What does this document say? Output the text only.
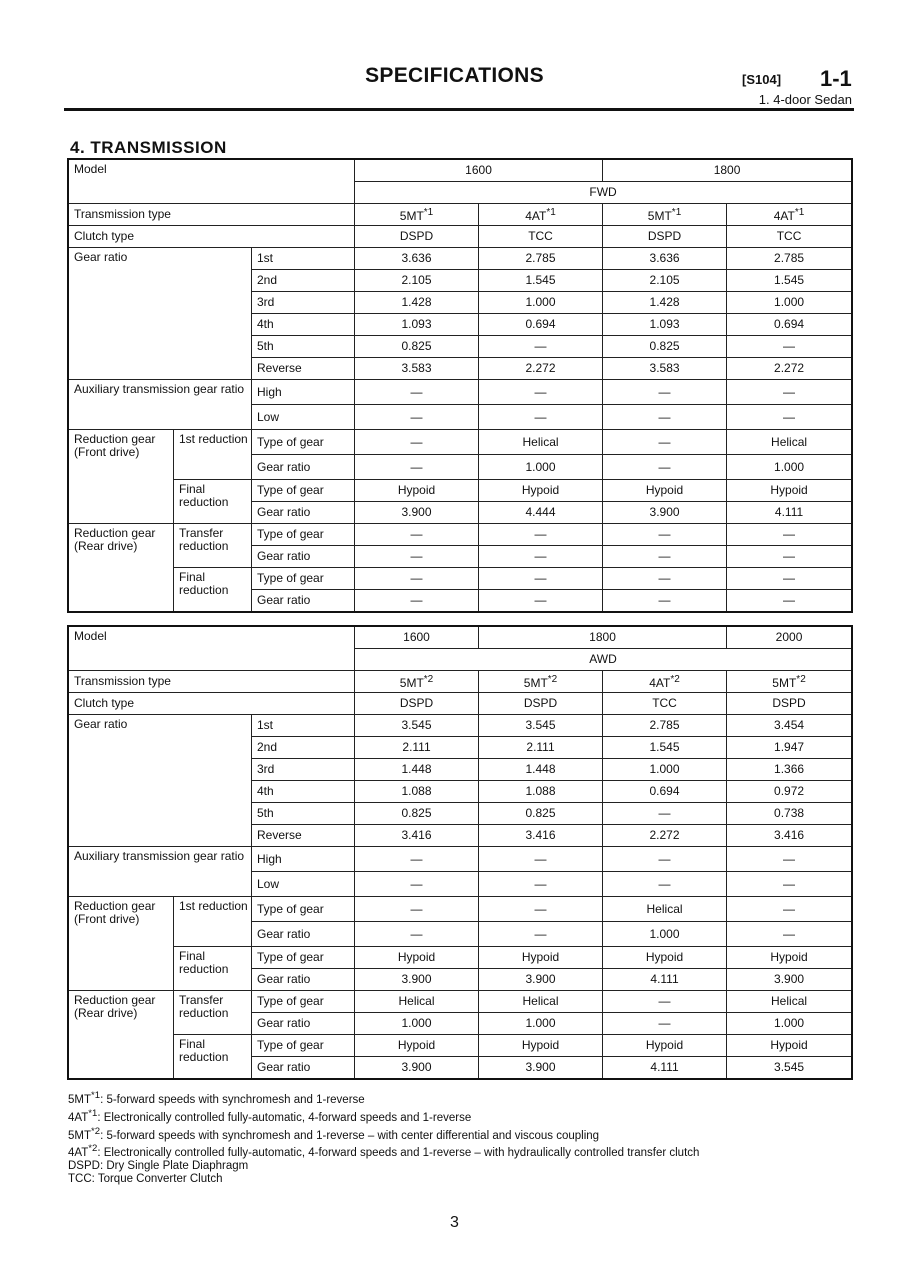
SPECIFICATIONS	[S104] 1-1
1. 4-door Sedan
4. TRANSMISSION
Model			1600		1800	
			FWD			
Transmission type			5MT$^{*1}$	4AT$^{*1}$	5MT$^{*1}$	4AT$^{*1}$
Clutch type			DSPD	TCC	DSPD	TCC
Gear ratio		1st	3.636	2.785	3.636	2.785
		2nd	2.105	1.545	2.105	1.545
		3rd	1.428	1.000	1.428	1.000
		4th	1.093	0.694	1.093	0.694
		5th	0.825	—	0.825	—
		Reverse	3.583	2.272	3.583	2.272
Auxiliary transmission gear ratio		High	—	—	—	—
		Low	—	—	—	—
Reduction gear (Front drive)	1st reduction	Type of gear	—	Helical	—	Helical
		Gear ratio	—	1.000	—	1.000
	Final reduction	Type of gear	Hypoid	Hypoid	Hypoid	Hypoid
		Gear ratio	3.900	4.444	3.900	4.111
Reduction gear (Rear drive)	Transfer reduction	Type of gear	—	—	—	—
		Gear ratio	—	—	—	—
	Final reduction	Type of gear	—	—	—	—
		Gear ratio	—	—	—	—
Model			1600	1800		2000
			AWD			
Transmission type			5MT$^{*2}$	5MT$^{*2}$	4AT$^{*2}$	5MT$^{*2}$
Clutch type			DSPD	DSPD	TCC	DSPD
Gear ratio		1st	3.545	3.545	2.785	3.454
		2nd	2.111	2.111	1.545	1.947
		3rd	1.448	1.448	1.000	1.366
		4th	1.088	1.088	0.694	0.972
		5th	0.825	0.825	—	0.738
		Reverse	3.416	3.416	2.272	3.416
Auxiliary transmission gear ratio		High	—	—	—	—
		Low	—	—	—	—
Reduction gear (Front drive)	1st reduction	Type of gear	—	—	Helical	—
		Gear ratio	—	—	1.000	—
	Final reduction	Type of gear	Hypoid	Hypoid	Hypoid	Hypoid
		Gear ratio	3.900	3.900	4.111	3.900
Reduction gear (Rear drive)	Transfer reduction	Type of gear	Helical	Helical	—	Helical
		Gear ratio	1.000	1.000	—	1.000
	Final reduction	Type of gear	Hypoid	Hypoid	Hypoid	Hypoid
		Gear ratio	3.900	3.900	4.111	3.545
5MT$^{*1}$: 5-forward speeds with synchromesh and 1-reverse
4AT$^{*1}$: Electronically controlled fully-automatic, 4-forward speeds and 1-reverse
5MT$^{*2}$: 5-forward speeds with synchromesh and 1-reverse – with center differential and viscous coupling
4AT$^{*2}$: Electronically controlled fully-automatic, 4-forward speeds and 1-reverse – with hydraulically controlled transfer clutch
DSPD: Dry Single Plate Diaphragm
TCC: Torque Converter Clutch
3
